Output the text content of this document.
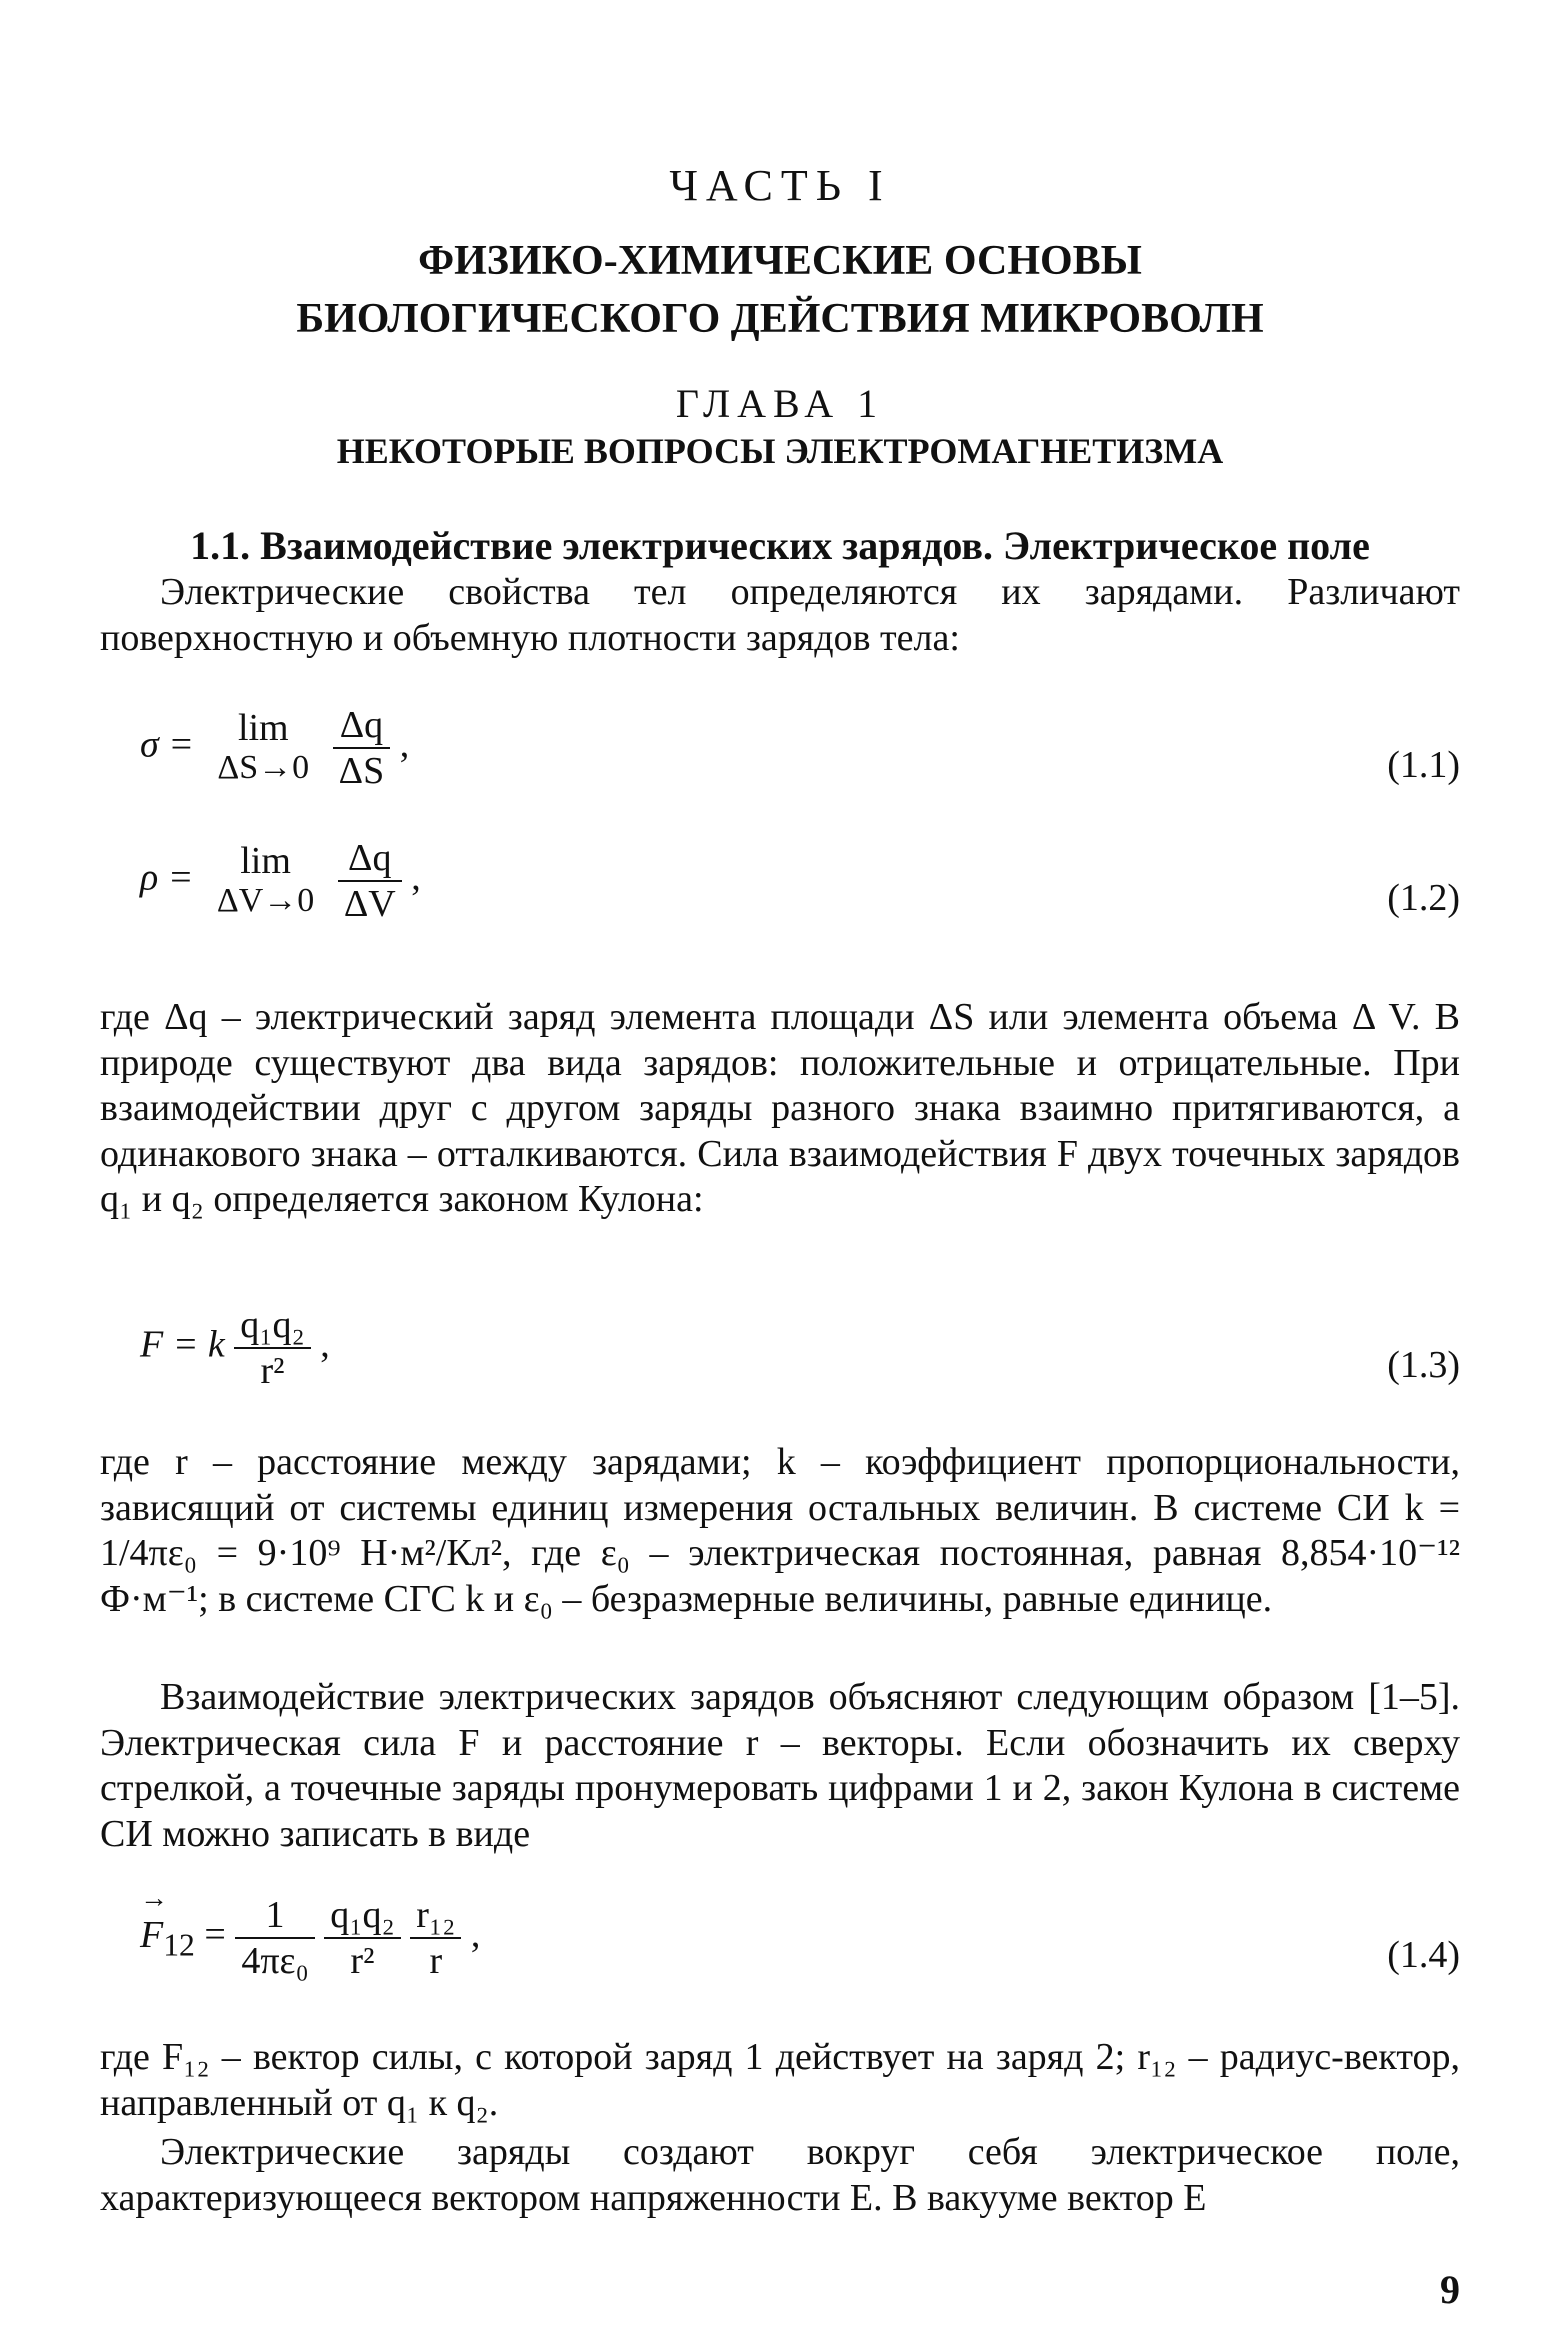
ЧАСТЬ I
ФИЗИКО-ХИМИЧЕСКИЕ ОСНОВЫ
БИОЛОГИЧЕСКОГО ДЕЙСТВИЯ МИКРОВОЛН
ГЛАВА 1
НЕКОТОРЫЕ ВОПРОСЫ ЭЛЕКТРОМАГНЕТИЗМА
1.1. Взаимодействие электрических зарядов. Электрическое поле

Электрические свойства тел определяются их зарядами. Различают поверхностную и объемную плотности зарядов тела:

σ = lim
ΔS→0
$\frac{\Delta q}{\Delta S}$ ,	(1.1)
ρ = lim
ΔV→0
$\frac{\Delta q}{\Delta V}$ ,	(1.2)

где Δq – электрический заряд элемента площади ΔS или элемента объема Δ V. В природе существуют два вида зарядов: положительные и отрицательные. При взаимодействии друг с другом заряды разного знака взаимно притягиваются, а одинакового знака – отталкиваются. Сила взаимодействия F двух точечных зарядов q₁ и q₂ определяется законом Кулона:

F = k $\frac{\text{q₁q₂}}{\text{r²}}$ ,	(1.3)

где r – расстояние между зарядами; k – коэффициент пропорциональности, зависящий от системы единиц измерения остальных величин. В системе СИ k = 1/4πε₀ = 9·10⁹ Н·м²/Кл², где ε₀ – электрическая постоянная, равная 8,854·10⁻¹² Ф·м⁻¹; в системе СГС k и ε₀ – безразмерные величины, равные единице.

Взаимодействие электрических зарядов объясняют следующим образом [1–5]. Электрическая сила F и расстояние r – векторы. Если обозначить их сверху стрелкой, а точечные заряды пронумеровать цифрами 1 и 2, закон Кулона в системе СИ можно записать в виде

→ $F_{12} = \frac{1}{\text{4πε₀}}$
$\frac{\text{q₁q₂}}{\text{r²}}$
$\frac{\text{r₁₂}}{r}$ ,	(1.4)

где F₁₂ – вектор силы, с которой заряд 1 действует на заряд 2; r₁₂ – радиус-вектор, направленный от q₁ к q₂.

Электрические заряды создают вокруг себя электрическое поле, характеризующееся вектором напряженности E. В вакууме вектор E

9
